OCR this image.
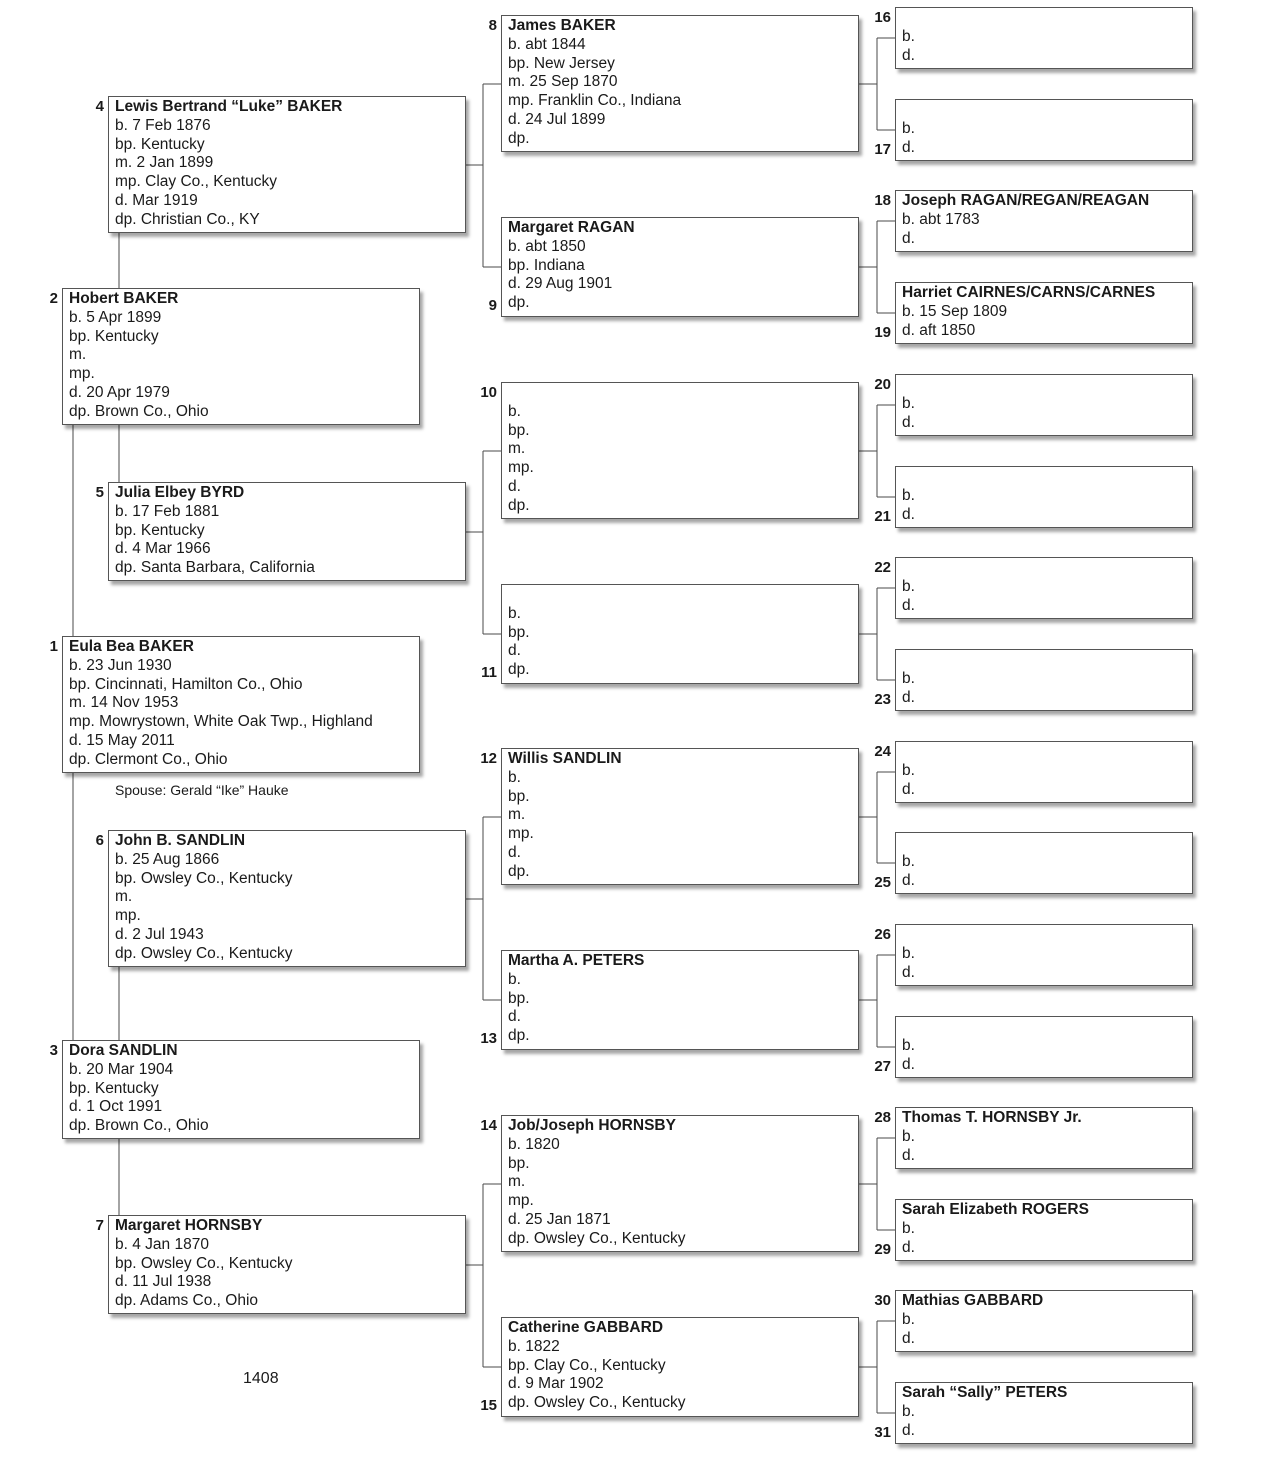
Eula Bea BAKER
b. 23 Jun 1930
bp. Cincinnati, Hamilton Co., Ohio
m. 14 Nov 1953
mp. Mowrystown, White Oak Twp., Highland
d. 15 May 2011
dp. Clermont Co., Ohio
1
Hobert BAKER
b. 5 Apr 1899
bp. Kentucky
m.
mp.
d. 20 Apr 1979
dp. Brown Co., Ohio
2
Dora SANDLIN
b. 20 Mar 1904
bp. Kentucky
d. 1 Oct 1991
dp. Brown Co., Ohio
3
Lewis Bertrand “Luke” BAKER
b. 7 Feb 1876
bp. Kentucky
m. 2 Jan 1899
mp. Clay Co., Kentucky
d. Mar 1919
dp. Christian Co., KY
4
Julia Elbey BYRD
b. 17 Feb 1881
bp. Kentucky
d. 4 Mar 1966
dp. Santa Barbara, California
5
John B. SANDLIN
b. 25 Aug 1866
bp. Owsley Co., Kentucky
m.
mp.
d. 2 Jul 1943
dp. Owsley Co., Kentucky
6
Margaret HORNSBY
b. 4 Jan 1870
bp. Owsley Co., Kentucky
d. 11 Jul 1938
dp. Adams Co., Ohio
7
James BAKER
b. abt 1844
bp. New Jersey
m. 25 Sep 1870
mp. Franklin Co., Indiana
d. 24 Jul 1899
dp.
8
Margaret RAGAN
b. abt 1850
bp. Indiana
d. 29 Aug 1901
dp.
9
b.
bp.
m.
mp.
d.
dp.
10
b.
bp.
d.
dp.
11
Willis SANDLIN
b.
bp.
m.
mp.
d.
dp.
12
Martha A. PETERS
b.
bp.
d.
dp.
13
Job/Joseph HORNSBY
b. 1820
bp.
m.
mp.
d. 25 Jan 1871
dp. Owsley Co., Kentucky
14
Catherine GABBARD
b. 1822
bp. Clay Co., Kentucky
d. 9 Mar 1902
dp. Owsley Co., Kentucky
15
b.
d.
16
b.
d.
17
Joseph RAGAN/REGAN/REAGAN
b. abt 1783
d.
18
Harriet CAIRNES/CARNS/CARNES
b. 15 Sep 1809
d. aft 1850
19
b.
d.
20
b.
d.
21
b.
d.
22
b.
d.
23
b.
d.
24
b.
d.
25
b.
d.
26
b.
d.
27
Thomas T. HORNSBY Jr.
b.
d.
28
Sarah Elizabeth ROGERS
b.
d.
29
Mathias GABBARD
b.
d.
30
Sarah “Sally” PETERS
b.
d.
31
Spouse: Gerald “Ike” Hauke
1408
